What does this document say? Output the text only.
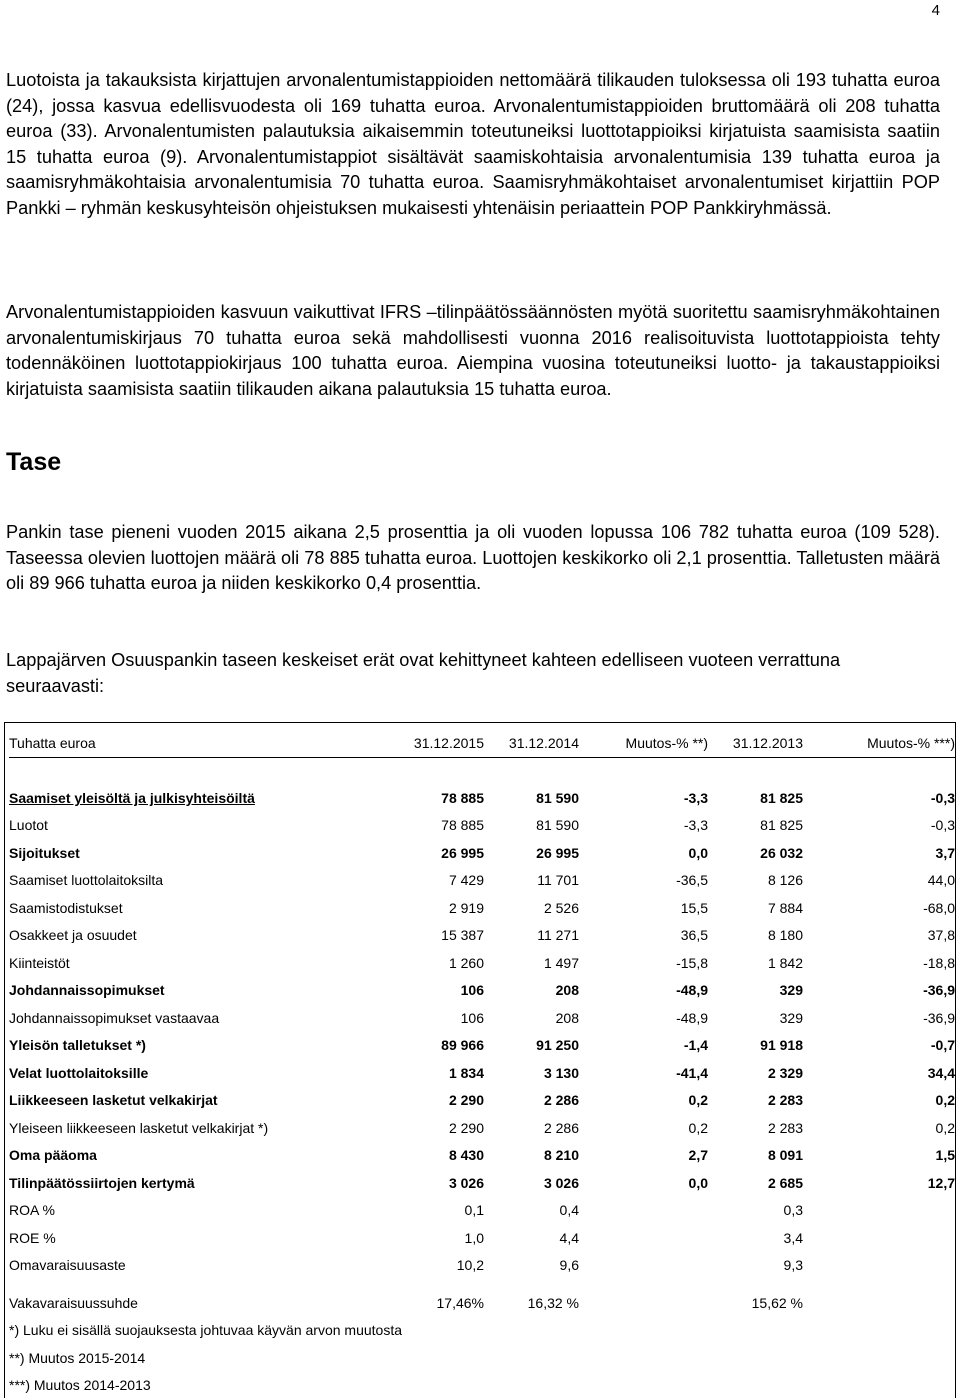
4

Luotoista ja takauksista kirjattujen arvonalentumistappioiden nettomäärä tilikauden tuloksessa oli 193 tuhatta euroa (24), jossa kasvua edellisvuodesta oli 169 tuhatta euroa. Arvonalentumistappioiden bruttomäärä oli 208 tuhatta euroa (33). Arvonalentumisten palautuksia aikaisemmin toteutuneiksi luottotappioiksi kirjatuista saamisista saatiin 15 tuhatta euroa (9). Arvonalentumistappiot sisältävät saamiskohtaisia arvonalentumisia 139 tuhatta euroa ja saamisryhmäkohtaisia arvonalentumisia 70 tuhatta euroa. Saamisryhmäkohtaiset arvonalentumiset kirjattiin POP Pankki – ryhmän keskusyhteisön ohjeistuksen mukaisesti yhtenäisin periaattein POP Pankkiryhmässä.

Arvonalentumistappioiden kasvuun vaikuttivat IFRS –tilinpäätössäännösten myötä suoritettu saamisryhmäkohtainen arvonalentumiskirjaus 70 tuhatta euroa sekä mahdollisesti vuonna 2016 realisoituvista luottotappioista tehty todennäköinen luottotappiokirjaus 100 tuhatta euroa. Aiempina vuosina toteutuneiksi luotto- ja takaustappioiksi kirjatuista saamisista saatiin tilikauden aikana palautuksia 15 tuhatta euroa.

Tase

Pankin tase pieneni vuoden 2015 aikana 2,5 prosenttia ja oli vuoden lopussa 106 782 tuhatta euroa (109 528). Taseessa olevien luottojen määrä oli 78 885 tuhatta euroa. Luottojen keskikorko oli 2,1 prosenttia. Talletusten määrä oli 89 966 tuhatta euroa ja niiden keskikorko 0,4 prosenttia.

Lappajärven Osuuspankin taseen keskeiset erät ovat kehittyneet kahteen edelliseen vuoteen verrattuna seuraavasti:

Tuhatta euroa	31.12.2015	31.12.2014	Muutos-% **)	31.12.2013	Muutos-% ***)

Saamiset yleisöltä ja julkisyhteisöiltä	78 885	81 590	-3,3	81 825	-0,3
Luotot	78 885	81 590	-3,3	81 825	-0,3
Sijoitukset	26 995	26 995	0,0	26 032	3,7
Saamiset luottolaitoksilta	7 429	11 701	-36,5	8 126	44,0
Saamistodistukset	2 919	2 526	15,5	7 884	-68,0
Osakkeet ja osuudet	15 387	11 271	36,5	8 180	37,8
Kiinteistöt	1 260	1 497	-15,8	1 842	-18,8
Johdannaissopimukset	106	208	-48,9	329	-36,9
Johdannaissopimukset vastaavaa	106	208	-48,9	329	-36,9
Yleisön talletukset *)	89 966	91 250	-1,4	91 918	-0,7
Velat luottolaitoksille	1 834	3 130	-41,4	2 329	34,4
Liikkeeseen lasketut velkakirjat	2 290	2 286	0,2	2 283	0,2
Yleiseen liikkeeseen lasketut velkakirjat *)	2 290	2 286	0,2	2 283	0,2
Oma pääoma	8 430	8 210	2,7	8 091	1,5
Tilinpäätössiirtojen kertymä	3 026	3 026	0,0	2 685	12,7
ROA %	0,1	0,4		0,3	
ROE %	1,0	4,4		3,4	
Omavaraisuusaste	10,2	9,6		9,3	

Vakavaraisuussuhde	17,46%	16,32 %		15,62 %	
*) Luku ei sisällä suojauksesta johtuvaa käyvän arvon muutosta					
**) Muutos 2015-2014					
***) Muutos 2014-2013					
